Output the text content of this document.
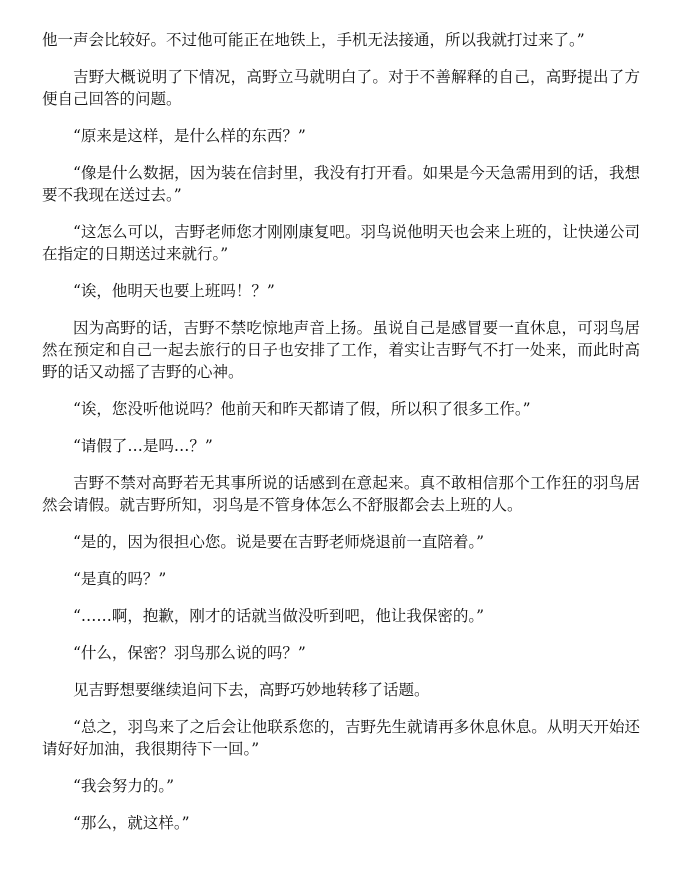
他一声会比较好。不过他可能正在地铁上，手机无法接通，所以我就打过来了。”

吉野大概说明了下情况，高野立马就明白了。对于不善解释的自己，高野提出了方便自己回答的问题。

“原来是这样，是什么样的东西？”

“像是什么数据，因为装在信封里，我没有打开看。如果是今天急需用到的话，我想要不我现在送过去。”

“这怎么可以，吉野老师您才刚刚康复吧。羽鸟说他明天也会来上班的，让快递公司在指定的日期送过来就行。”

“诶，他明天也要上班吗！？”

因为高野的话，吉野不禁吃惊地声音上扬。虽说自己是感冒要一直休息，可羽鸟居然在预定和自己一起去旅行的日子也安排了工作，着实让吉野气不打一处来，而此时高野的话又动摇了吉野的心神。

“诶，您没听他说吗？他前天和昨天都请了假，所以积了很多工作。”

“请假了…是吗…？”

吉野不禁对高野若无其事所说的话感到在意起来。真不敢相信那个工作狂的羽鸟居然会请假。就吉野所知，羽鸟是不管身体怎么不舒服都会去上班的人。

“是的，因为很担心您。说是要在吉野老师烧退前一直陪着。”

“是真的吗？”

“……啊，抱歉，刚才的话就当做没听到吧，他让我保密的。”

“什么，保密？羽鸟那么说的吗？”

见吉野想要继续追问下去，高野巧妙地转移了话题。

“总之，羽鸟来了之后会让他联系您的，吉野先生就请再多休息休息。从明天开始还请好好加油，我很期待下一回。”

“我会努力的。”

“那么，就这样。”
